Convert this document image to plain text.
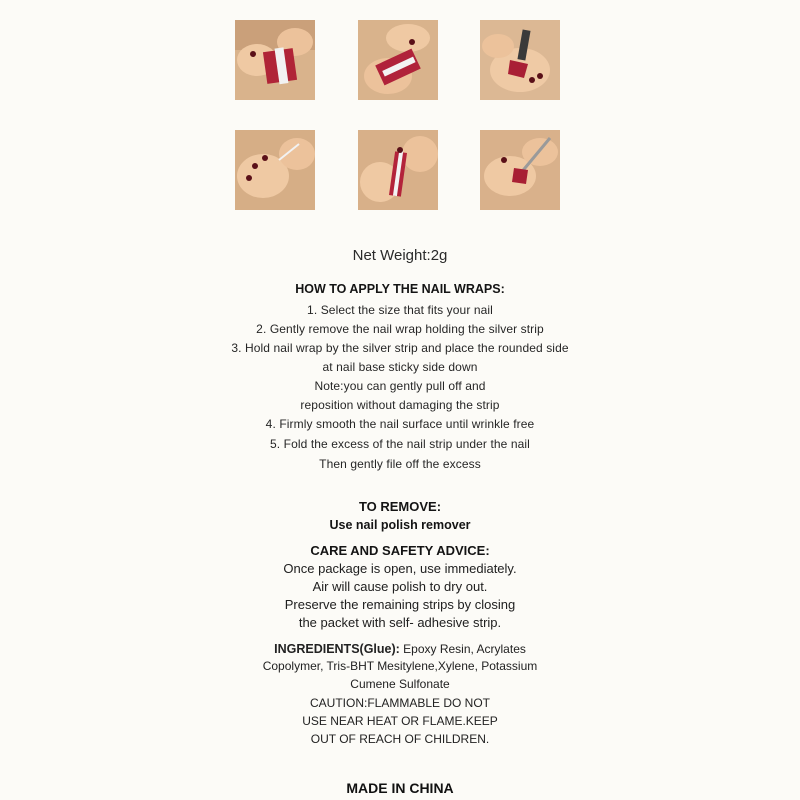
Net Weight:2g
HOW TO APPLY THE NAIL WRAPS:
1. Select the size that fits your nail
2. Gently remove the nail wrap holding the silver strip
3. Hold nail wrap by the silver strip and place the rounded side
at nail base sticky side down
Note:you can gently pull off and
reposition without damaging the strip
4. Firmly smooth the nail surface until wrinkle free
5. Fold the excess of the nail strip under the nail
Then gently file off the excess
TO REMOVE:
Use nail polish remover
CARE AND SAFETY ADVICE:
Once package is open, use immediately.
Air will cause polish to dry out.
Preserve the remaining strips by closing
the packet with self- adhesive strip.
INGREDIENTS(Glue): Epoxy Resin, Acrylates
Copolymer, Tris-BHT Mesitylene,Xylene, Potassium
Cumene Sulfonate
CAUTION:FLAMMABLE DO NOT
USE NEAR HEAT OR FLAME.KEEP
OUT OF REACH OF CHILDREN.
MADE IN CHINA
